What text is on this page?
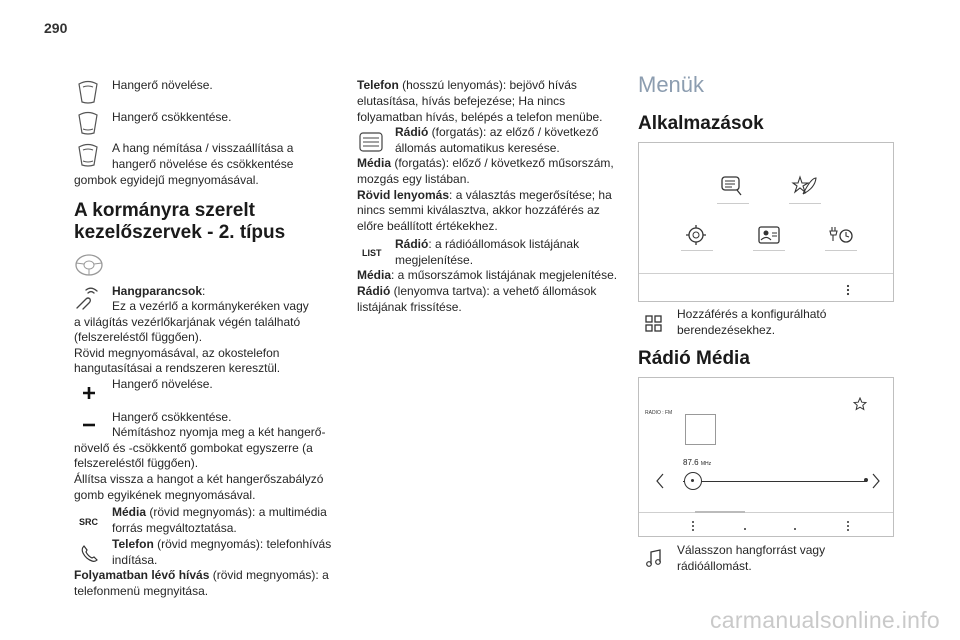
290
Hangerő növelése.
Hangerő csökkentése.
A hang némítása / visszaállítása a
hangerő növelése és csökkentése
gombok egyidejű megnyomásával.
A kormányra szerelt
kezelőszervek - 2. típus
Hangparancsok:
Ez a vezérlő a kormánykeréken vagy
a világítás vezérlőkarjának végén található
(felszereléstől függően).
Rövid megnyomásával, az okostelefon
hangutasításai a rendszeren keresztül.
Hangerő növelése.
Hangerő csökkentése.
Némításhoz nyomja meg a két hangerő-
növelő és -csökkentő gombokat egyszerre (a
felszereléstől függően).
Állítsa vissza a hangot a két hangerőszabályzó
gomb egyikének megnyomásával.
SRC
Média (rövid megnyomás): a multimédia
forrás megváltoztatása.
Telefon (rövid megnyomás): telefonhívás
indítása.
Folyamatban lévő hívás (rövid megnyomás): a
telefonmenü megnyitása.
Telefon (hosszú lenyomás): bejövő hívás
elutasítása, hívás befejezése; Ha nincs
folyamatban hívás, belépés a telefon menübe.
Rádió (forgatás): az előző / következő
állomás automatikus keresése.
Média (forgatás): előző / következő műsorszám,
mozgás egy listában.
Rövid lenyomás: a választás megerősítése; ha
nincs semmi kiválasztva, akkor hozzáférés az
előre beállított értékekhez.
LIST
Rádió: a rádióállomások listájának
megjelenítése.
Média: a műsorszámok listájának megjelenítése.
Rádió (lenyomva tartva): a vehető állomások
listájának frissítése.
Menük
Alkalmazások
Hozzáférés a konfigurálható
berendezésekhez.
Rádió Média
RADIO : FM
87.6 MHz
Válasszon hangforrást vagy
rádióállomást.
carmanualsonline.info
